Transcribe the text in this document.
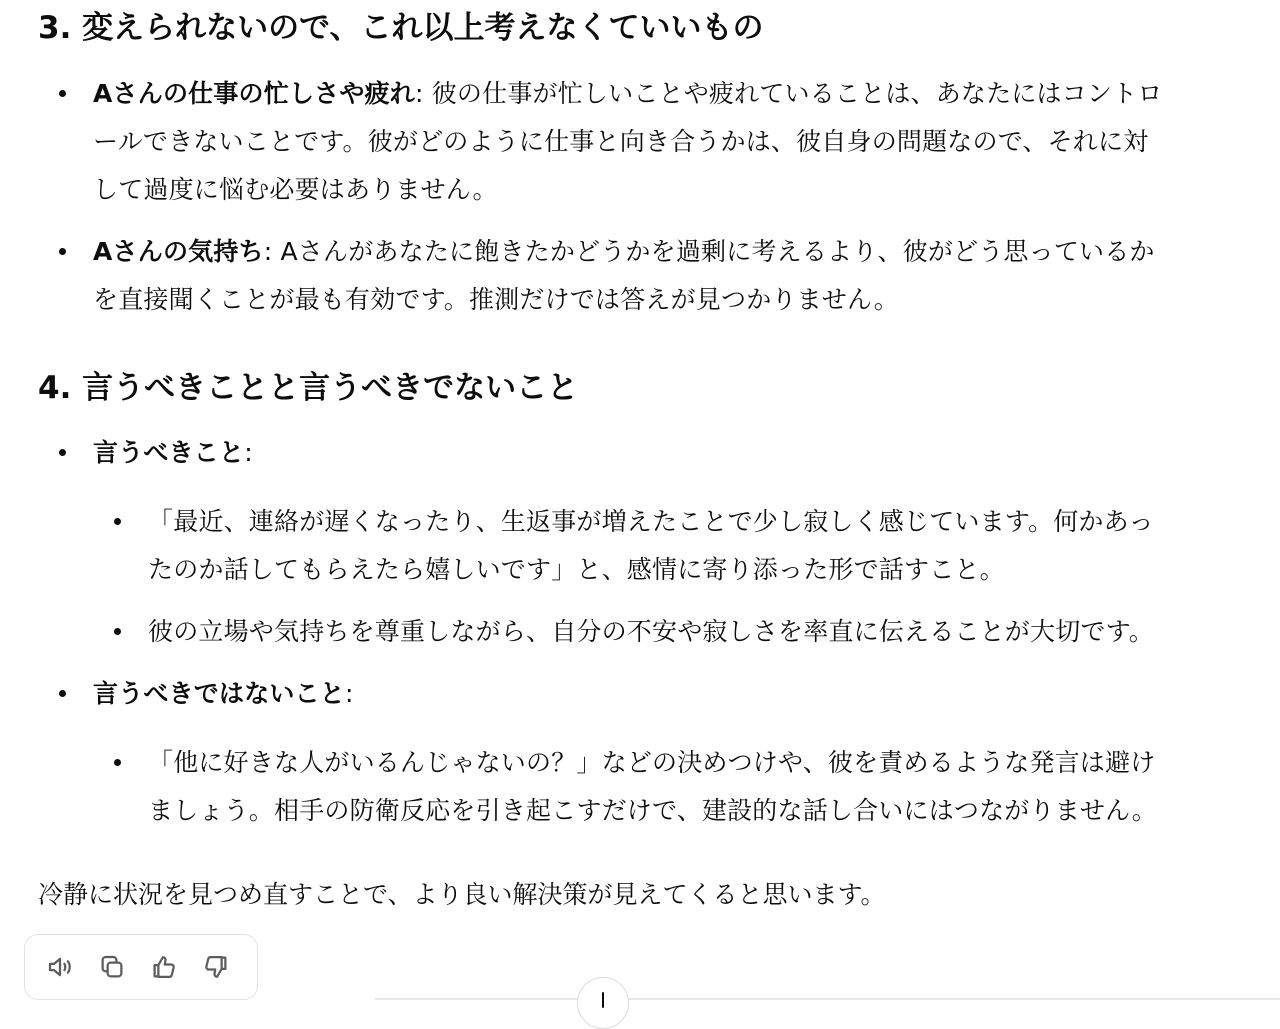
3. 変えられないので、これ以上考えなくていいもの
Aさんの仕事の忙しさや疲れ: 彼の仕事が忙しいことや疲れていることは、あなたにはコントロ
ールできないことです。彼がどのように仕事と向き合うかは、彼自身の問題なので、それに対
して過度に悩む必要はありません。
Aさんの気持ち: Aさんがあなたに飽きたかどうかを過剰に考えるより、彼がどう思っているか
を直接聞くことが最も有効です。推測だけでは答えが見つかりません。
4. 言うべきことと言うべきでないこと
言うべきこと:
「最近、連絡が遅くなったり、生返事が増えたことで少し寂しく感じています。何かあっ
たのか話してもらえたら嬉しいです」と、感情に寄り添った形で話すこと。
彼の立場や気持ちを尊重しながら、自分の不安や寂しさを率直に伝えることが大切です。
言うべきではないこと:
「他に好きな人がいるんじゃないの？」などの決めつけや、彼を責めるような発言は避け
ましょう。相手の防衛反応を引き起こすだけで、建設的な話し合いにはつながりません。
冷静に状況を見つめ直すことで、より良い解決策が見えてくると思います。
